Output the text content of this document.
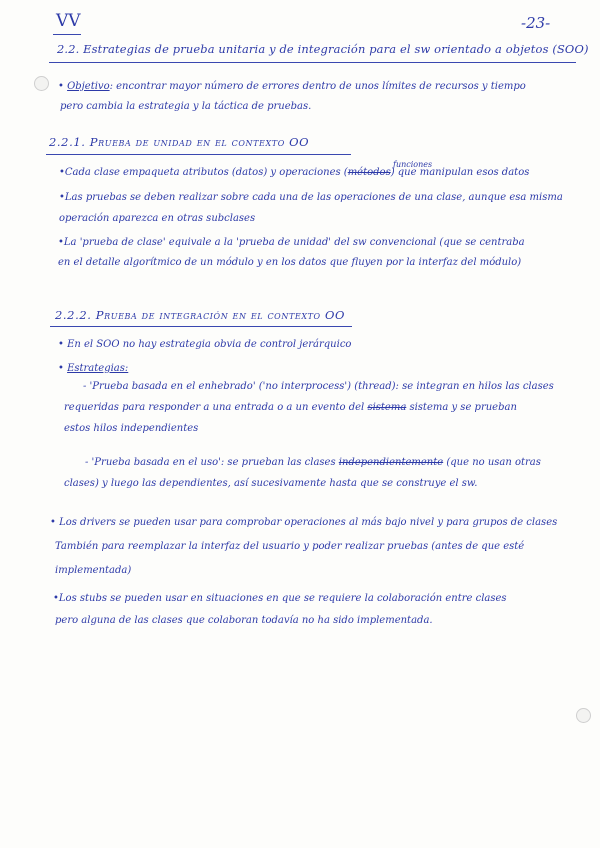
VV	-23-
2.2. Estrategias de prueba unitaria y de integración para el sw orientado a objetos (SOO)
• Objetivo: encontrar mayor número de errores dentro de unos límites de recursos y tiempo
pero cambia la estrategia y la táctica de pruebas.
2.2.1. Prueba de unidad en el contexto OO
funciones
•Cada clase empaqueta atributos (datos) y operaciones (métodos) que manipulan esos datos
•Las pruebas se deben realizar sobre cada una de las operaciones de una clase, aunque esa misma
operación aparezca en otras subclases
•La 'prueba de clase' equivale a la 'prueba de unidad' del sw convencional (que se centraba
en el detalle algorítmico de un módulo y en los datos que fluyen por la interfaz del módulo)
2.2.2. Prueba de integración en el contexto OO
• En el SOO no hay estrategia obvia de control jerárquico
• Estrategias:
- 'Prueba basada en el enhebrado' ('no interprocess') (thread): se integran en hilos las clases
requeridas para responder a una entrada o a un evento del sistema sistema y se prueban
estos hilos independientes
- 'Prueba basada en el uso': se prueban las clases independientemente (que no usan otras
clases) y luego las dependientes, así sucesivamente hasta que se construye el sw.
• Los drivers se pueden usar para comprobar operaciones al más bajo nivel y para grupos de clases
También para reemplazar la interfaz del usuario y poder realizar pruebas (antes de que esté
implementada)
•Los stubs se pueden usar en situaciones en que se requiere la colaboración entre clases
pero alguna de las clases que colaboran todavía no ha sido implementada.
